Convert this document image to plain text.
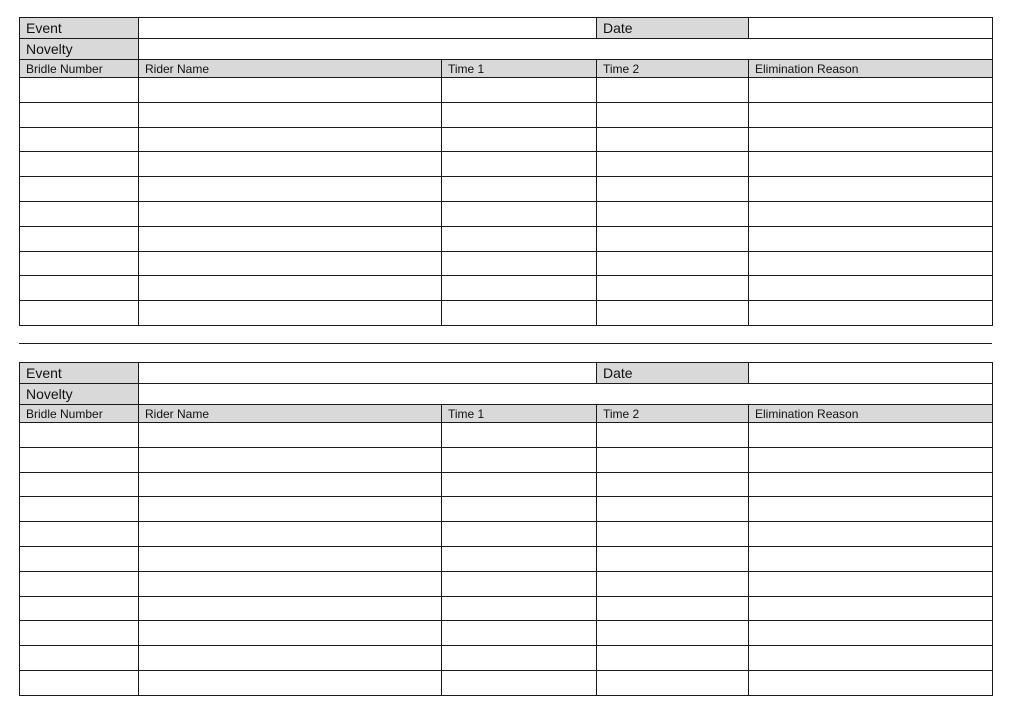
Event			Date	
Novelty				
Bridle Number	Rider Name	Time 1	Time 2	Elimination Reason

Event			Date	
Novelty				
Bridle Number	Rider Name	Time 1	Time 2	Elimination Reason
